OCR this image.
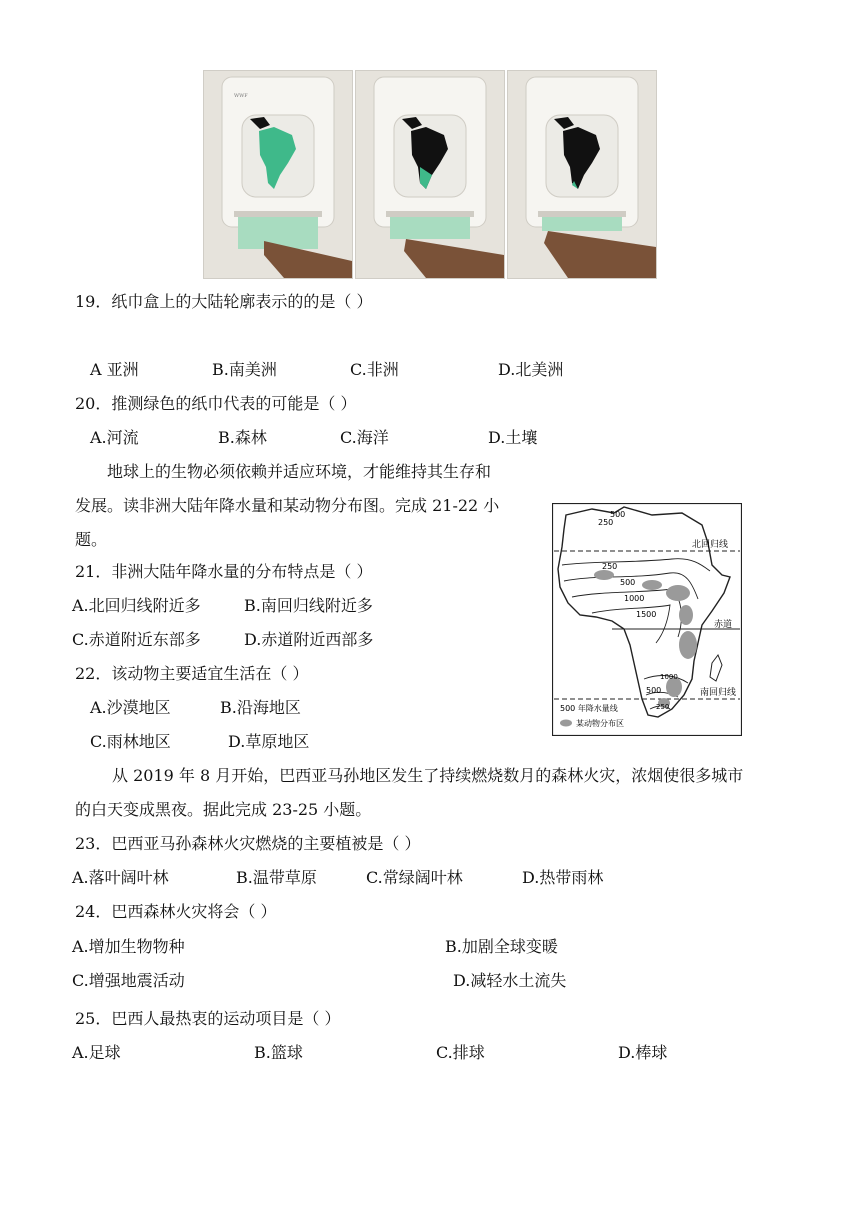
WWF
19．纸巾盒上的大陆轮廓表示的的是（ ）
A 亚洲	B.南美洲	C.非洲	D.北美洲
20．推测绿色的纸巾代表的可能是（ ）
A.河流	B.森林	C.海洋	D.土壤
地球上的生物必须依赖并适应环境，才能维持其生存和
发展。读非洲大陆年降水量和某动物分布图。完成 21-22 小
题。
500
250
北回归线
250
500
1000
1500
赤道
1000
500
250
南回归线
500 年降水量线
某动物分布区
21．非洲大陆年降水量的分布特点是（ ）
A.北回归线附近多	B.南回归线附近多
C.赤道附近东部多	D.赤道附近西部多
22．该动物主要适宜生活在（ ）
A.沙漠地区	B.沿海地区
C.雨林地区	D.草原地区
从 2019 年 8 月开始，巴西亚马孙地区发生了持续燃烧数月的森林火灾，浓烟使很多城市
的白天变成黑夜。据此完成 23-25 小题。
23．巴西亚马孙森林火灾燃烧的主要植被是（ ）
A.落叶阔叶林	B.温带草原	C.常绿阔叶林	D.热带雨林
24．巴西森林火灾将会（ ）
A.增加生物物种	B.加剧全球变暖
C.增强地震活动	D.减轻水土流失
25．巴西人最热衷的运动项目是（ ）
A.足球	B.篮球	C.排球	D.棒球
